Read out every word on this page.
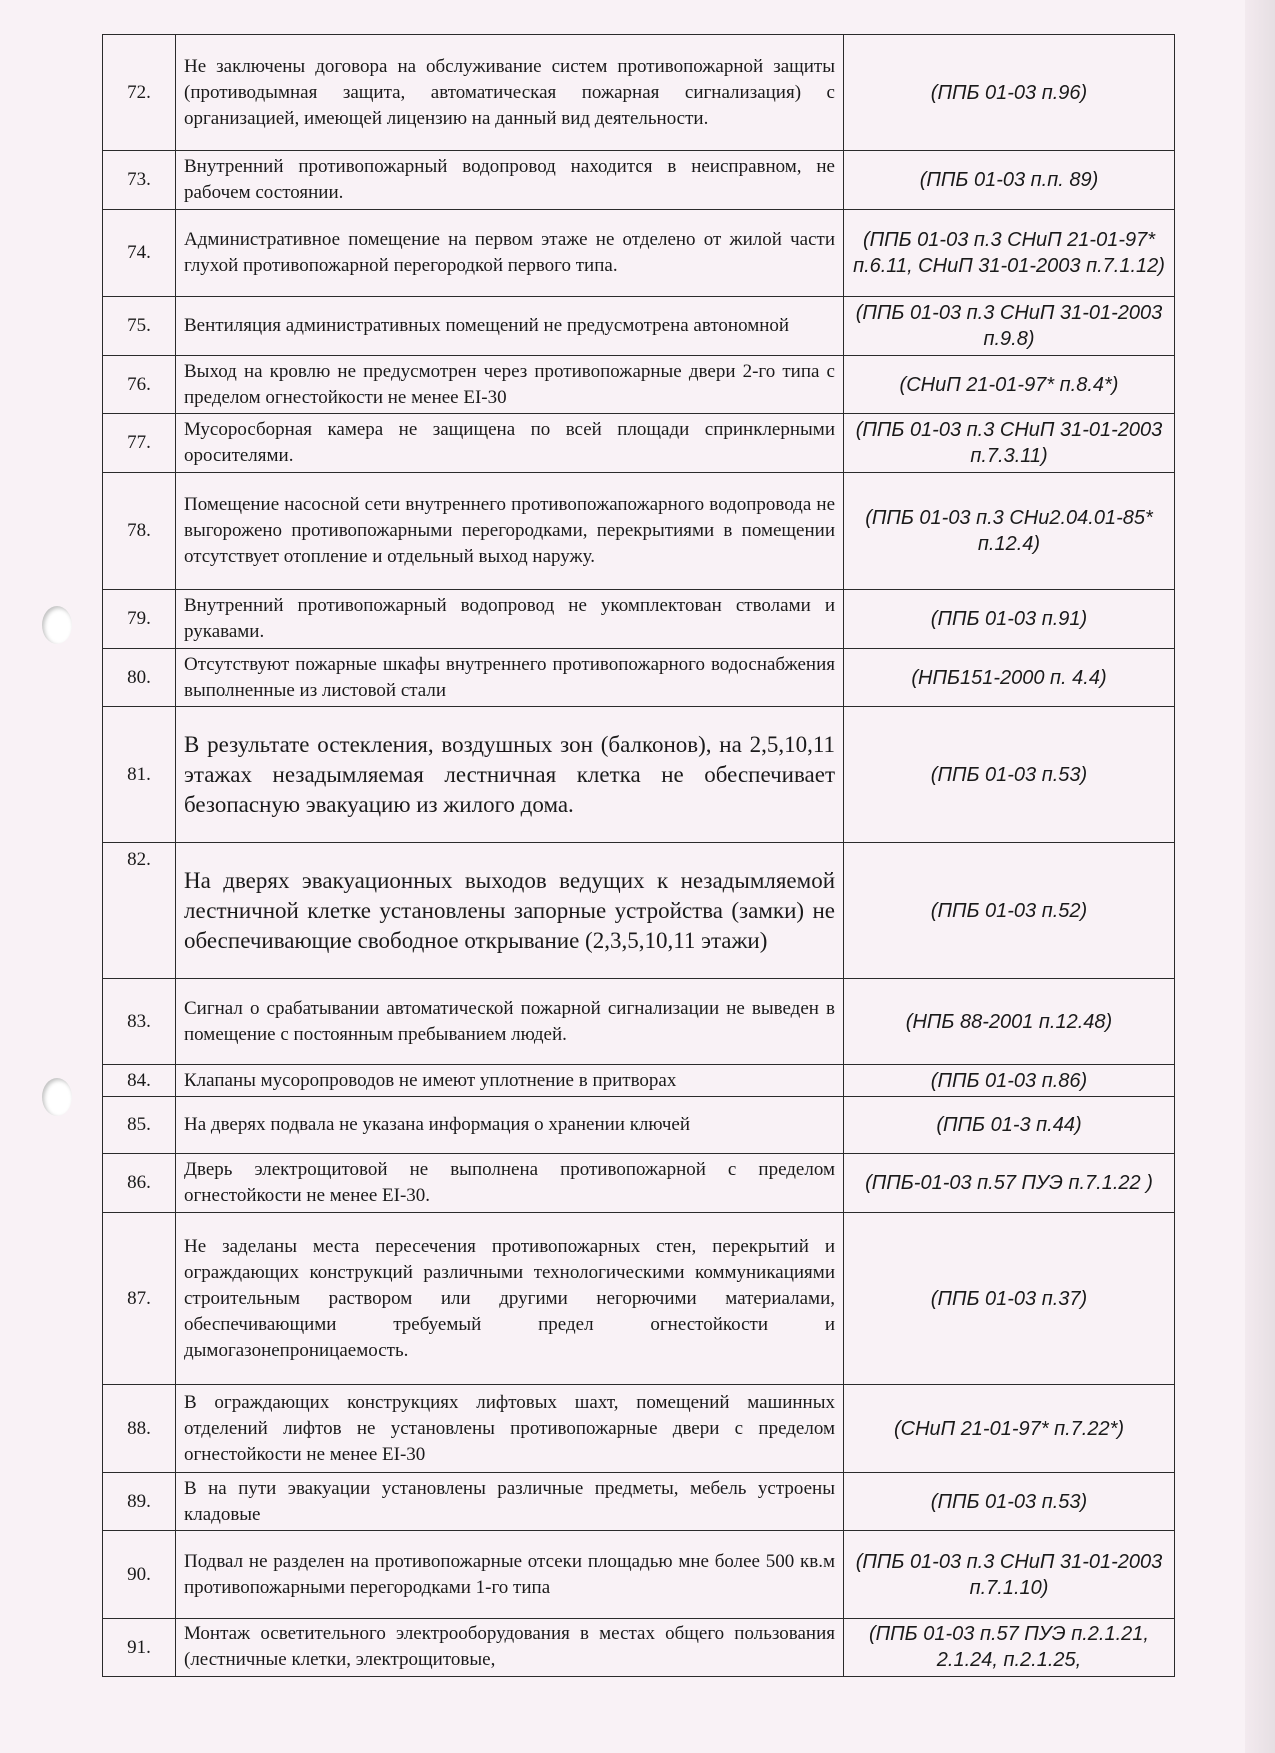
72.	Не заключены договора на обслуживание систем противопожарной защиты (противодымная защита, автоматическая пожарная сигнализация) с организацией, имеющей лицензию на данный вид деятельности.	(ППБ 01-03 п.96)
73.	Внутренний противопожарный водопровод находится в неисправном, не рабочем состоянии.	(ППБ 01-03 п.п. 89)
74.	Административное помещение на первом этаже не отделено от жилой части глухой противопожарной перегородкой первого типа.	(ППБ 01-03 п.3 СНиП 21-01-97* п.6.11, СНиП 31-01-2003 п.7.1.12)
75.	Вентиляция административных помещений не предусмотрена автономной	(ППБ 01-03 п.3 СНиП 31-01-2003 п.9.8)
76.	Выход на кровлю не предусмотрен через противопожарные двери 2-го типа с пределом огнестойкости не менее EI-30	(СНиП 21-01-97* п.8.4*)
77.	Мусоросборная камера не защищена по всей площади спринклерными оросителями.	(ППБ 01-03 п.3 СНиП 31-01-2003 п.7.3.11)
78.	Помещение насосной сети внутреннего противопожапожарного водопровода не выгорожено противопожарными перегородками, перекрытиями в помещении отсутствует отопление и отдельный выход наружу.	(ППБ 01-03 п.3 СНи2.04.01-85* п.12.4)
79.	Внутренний противопожарный водопровод не укомплектован стволами и рукавами.	(ППБ 01-03 п.91)
80.	Отсутствуют пожарные шкафы внутреннего противопожарного водоснабжения выполненные из листовой стали	(НПБ151-2000 п. 4.4)
81.	В результате остекления, воздушных зон (балконов), на 2,5,10,11 этажах незадымляемая лестничная клетка не обеспечивает безопасную эвакуацию из жилого дома.	(ППБ 01-03 п.53)
82.	На дверях эвакуационных выходов ведущих к незадымляемой лестничной клетке установлены запорные устройства (замки) не обеспечивающие свободное открывание (2,3,5,10,11 этажи)	(ППБ 01-03 п.52)
83.	Сигнал о срабатывании автоматической пожарной сигнализации не выведен в помещение с постоянным пребыванием людей.	(НПБ 88-2001 п.12.48)
84.	Клапаны мусоропроводов не имеют уплотнение в притворах	(ППБ 01-03 п.86)
85.	На дверях подвала не указана информация о хранении ключей	(ППБ 01-3 п.44)
86.	Дверь электрощитовой не выполнена противопожарной с пределом огнестойкости не менее EI-30.	(ППБ-01-03 п.57 ПУЭ п.7.1.22 )
87.	Не заделаны места пересечения противопожарных стен, перекрытий и ограждающих конструкций различными технологическими коммуникациями строительным раствором или другими негорючими материалами, обеспечивающими требуемый предел огнестойкости и дымогазонепроницаемость.	(ППБ 01-03 п.37)
88.	В ограждающих конструкциях лифтовых шахт, помещений машинных отделений лифтов не установлены противопожарные двери с пределом огнестойкости не менее EI-30	(СНиП 21-01-97* п.7.22*)
89.	В на пути эвакуации установлены различные предметы, мебель устроены кладовые	(ППБ 01-03 п.53)
90.	Подвал не разделен на противопожарные отсеки площадью мне более 500 кв.м противопожарными перегородками 1-го типа	(ППБ 01-03 п.3 СНиП 31-01-2003 п.7.1.10)
91.	Монтаж осветительного электрооборудования в местах общего пользования (лестничные клетки, электрощитовые,	(ППБ 01-03 п.57 ПУЭ п.2.1.21, 2.1.24, п.2.1.25,
